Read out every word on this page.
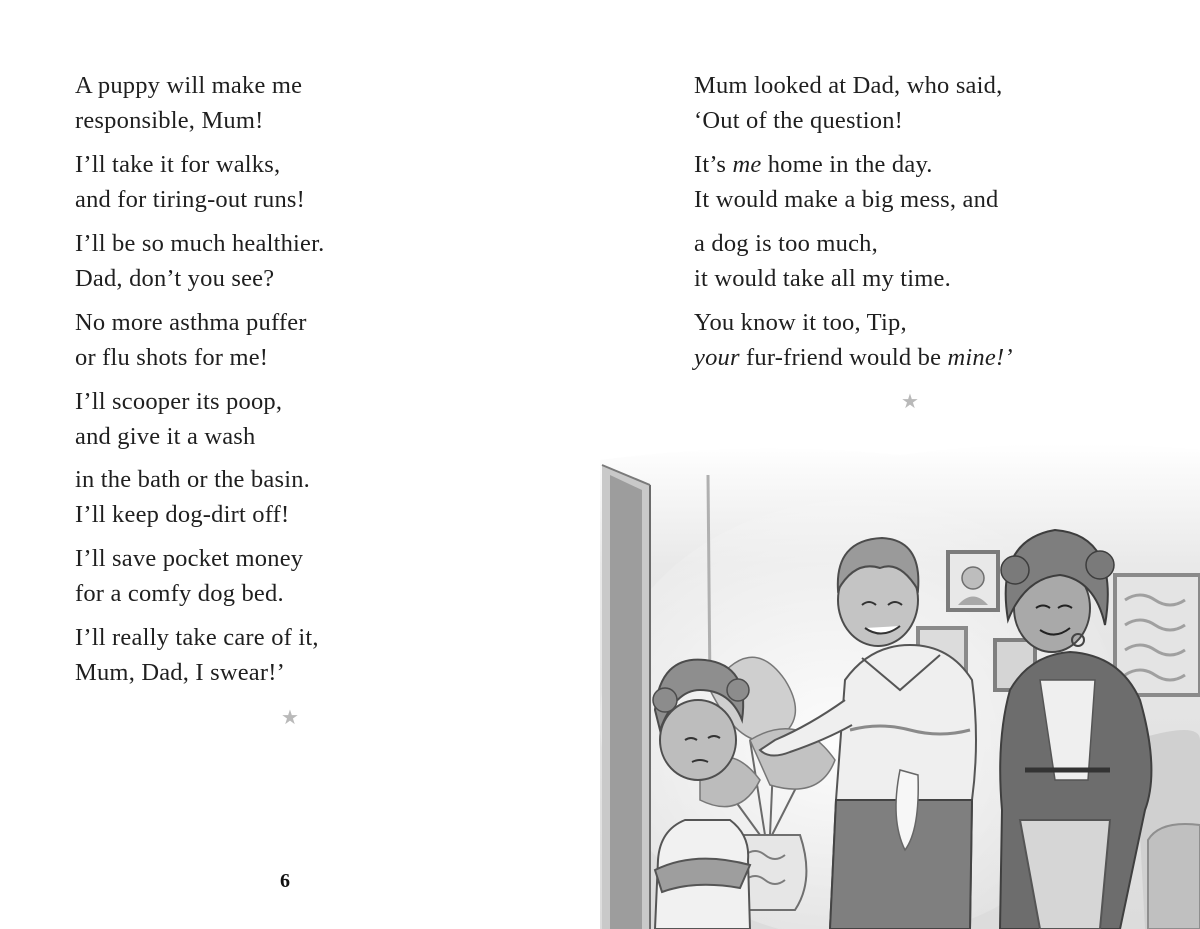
A puppy will make me
responsible, Mum!

I’ll take it for walks,
and for tiring-out runs!

I’ll be so much healthier.
Dad, don’t you see?

No more asthma puffer
or flu shots for me!

I’ll scooper its poop,
and give it a wash

in the bath or the basin.
I’ll keep dog-dirt off!

I’ll save pocket money
for a comfy dog bed.

I’ll really take care of it,
Mum, Dad, I swear!’

★
6

Mum looked at Dad, who said,
‘Out of the question!

It’s me home in the day.
It would make a big mess, and

a dog is too much,
it would take all my time.

You know it too, Tip,
your fur-friend would be mine!’

★
